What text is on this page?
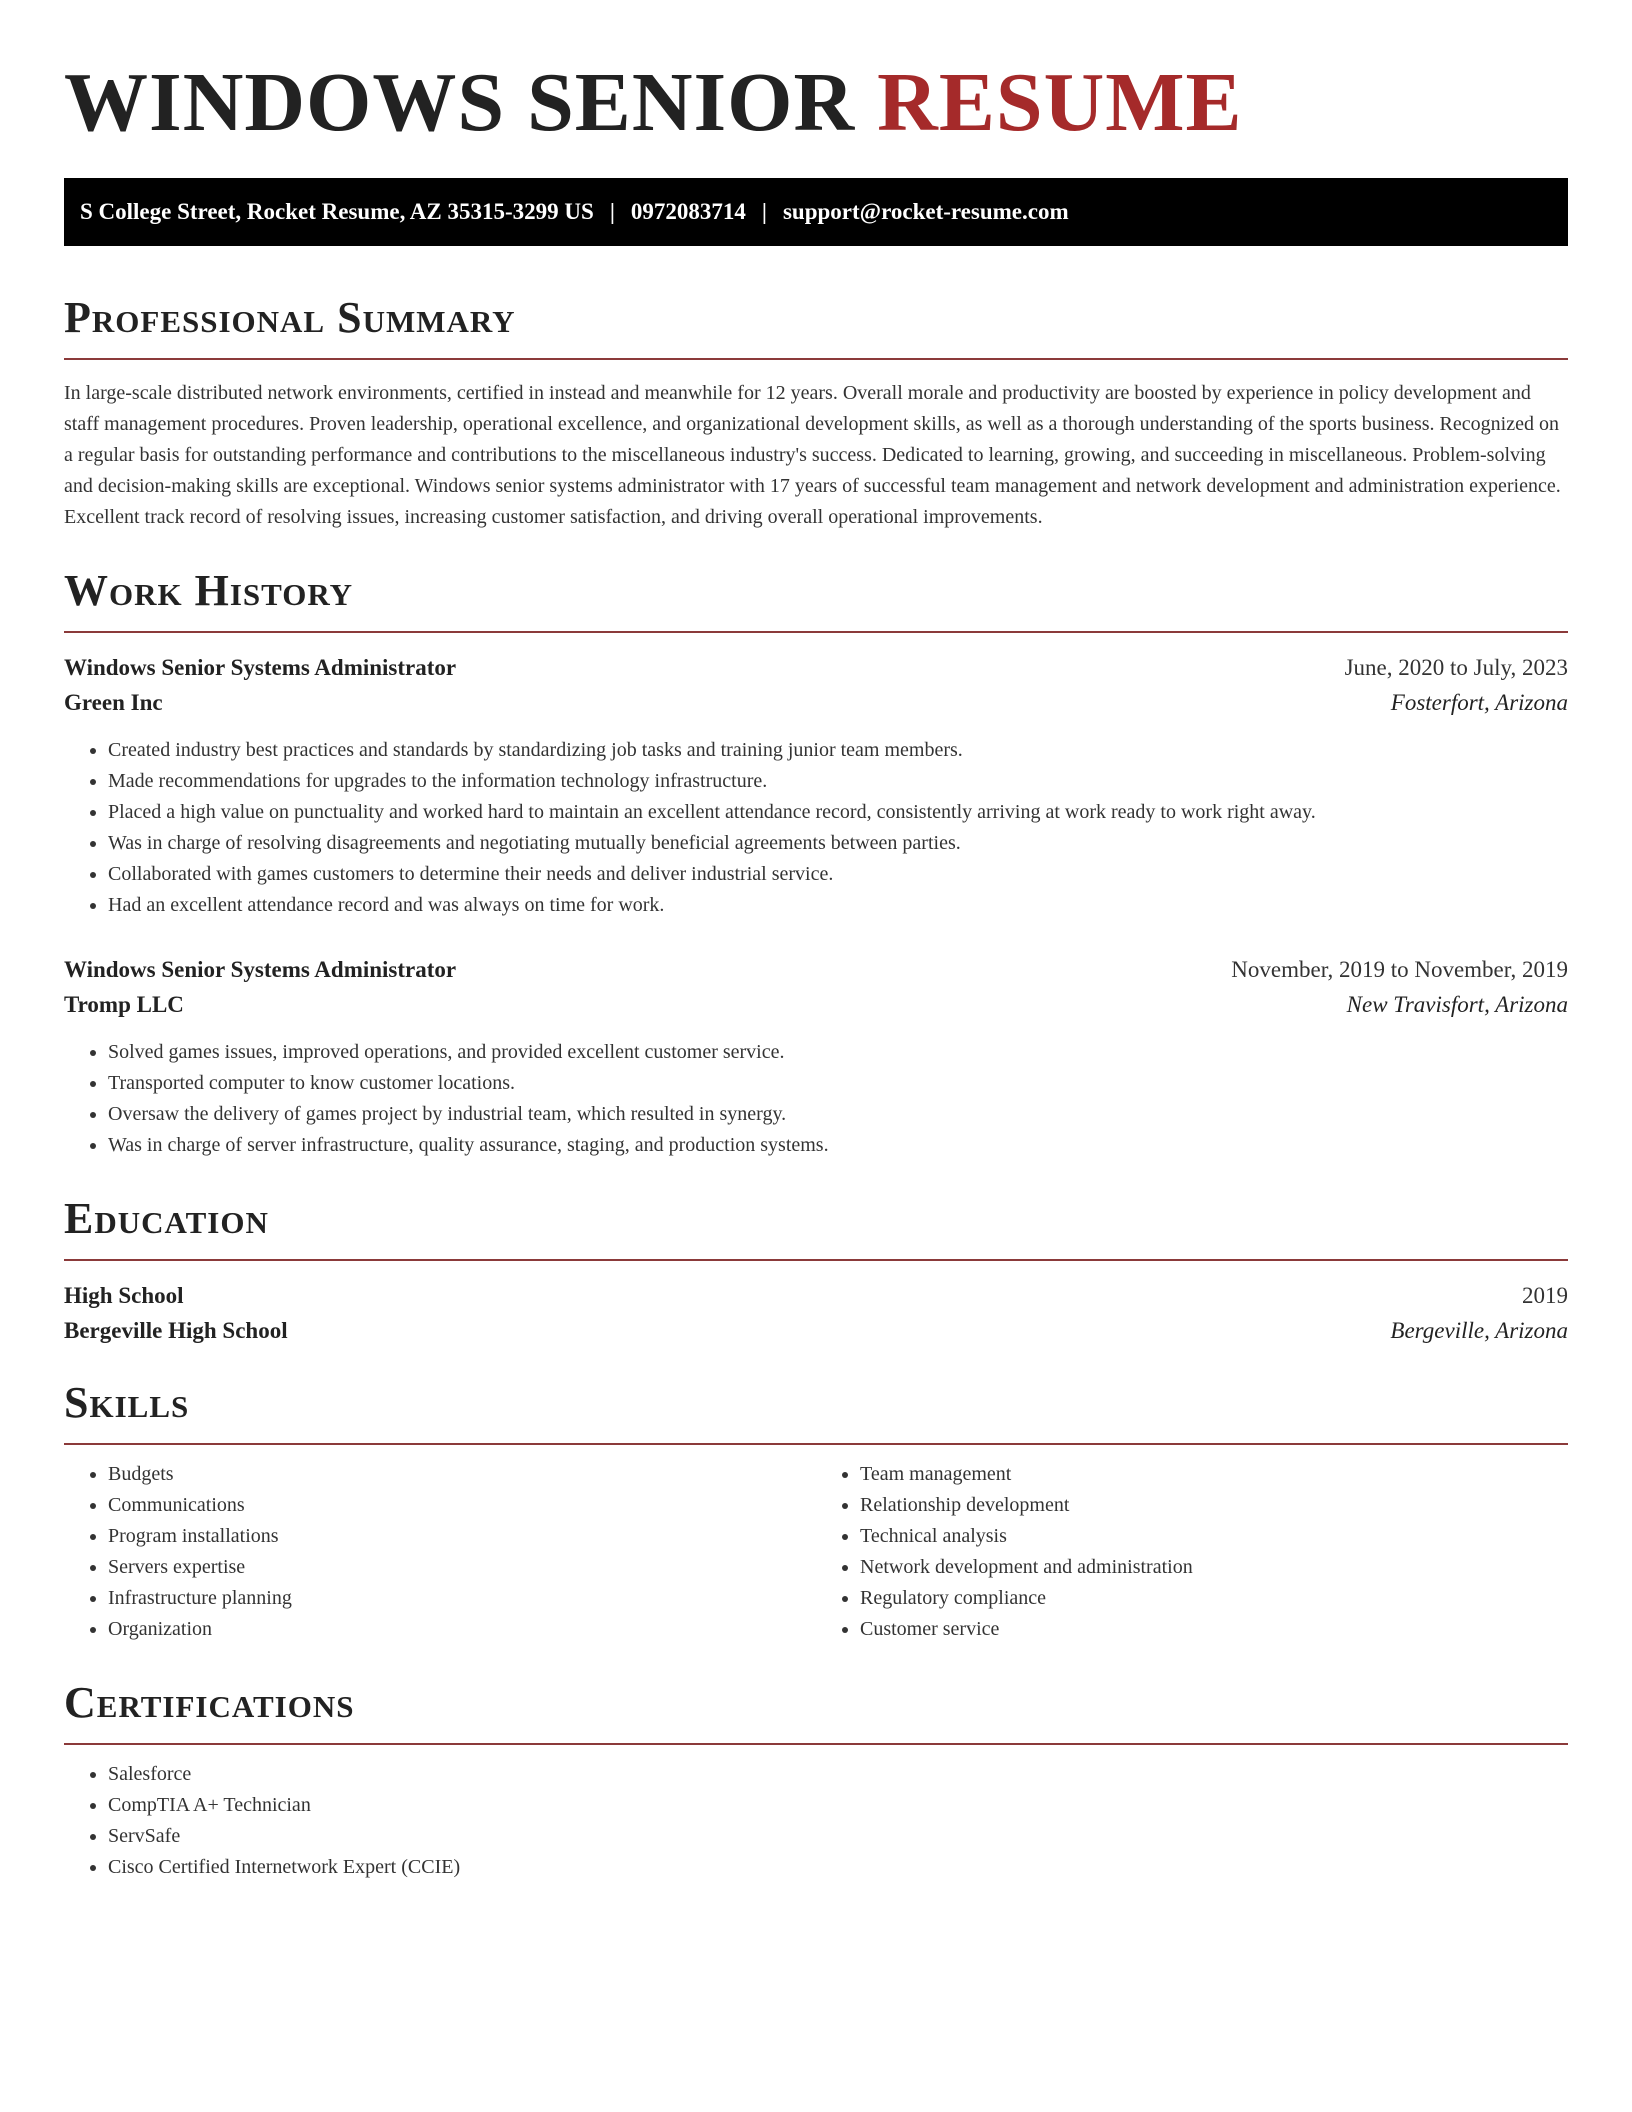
WINDOWS SENIOR RESUME
S College Street, Rocket Resume, AZ 35315-3299 US | 0972083714 | support@rocket-resume.com
Professional Summary

In large-scale distributed network environments, certified in instead and meanwhile for 12 years. Overall morale and productivity are boosted by experience in policy development and staff management procedures. Proven leadership, operational excellence, and organizational development skills, as well as a thorough understanding of the sports business. Recognized on a regular basis for outstanding performance and contributions to the miscellaneous industry's success. Dedicated to learning, growing, and succeeding in miscellaneous. Problem-solving and decision-making skills are exceptional. Windows senior systems administrator with 17 years of successful team management and network development and administration experience. Excellent track record of resolving issues, increasing customer satisfaction, and driving overall operational improvements.

Work History
Windows Senior Systems Administrator	June, 2020 to July, 2023
Green Inc	Fosterfort, Arizona
• Created industry best practices and standards by standardizing job tasks and training junior team members.
• Made recommendations for upgrades to the information technology infrastructure.
• Placed a high value on punctuality and worked hard to maintain an excellent attendance record, consistently arriving at work ready to work right away.
• Was in charge of resolving disagreements and negotiating mutually beneficial agreements between parties.
• Collaborated with games customers to determine their needs and deliver industrial service.
• Had an excellent attendance record and was always on time for work.
Windows Senior Systems Administrator	November, 2019 to November, 2019
Tromp LLC	New Travisfort, Arizona
• Solved games issues, improved operations, and provided excellent customer service.
• Transported computer to know customer locations.
• Oversaw the delivery of games project by industrial team, which resulted in synergy.
• Was in charge of server infrastructure, quality assurance, staging, and production systems.
Education
High School	2019
Bergeville High School	Bergeville, Arizona
Skills
• Budgets
• Communications
• Program installations
• Servers expertise
• Infrastructure planning
• Organization
• Team management
• Relationship development
• Technical analysis
• Network development and administration
• Regulatory compliance
• Customer service
Certifications
• Salesforce
• CompTIA A+ Technician
• ServSafe
• Cisco Certified Internetwork Expert (CCIE)
